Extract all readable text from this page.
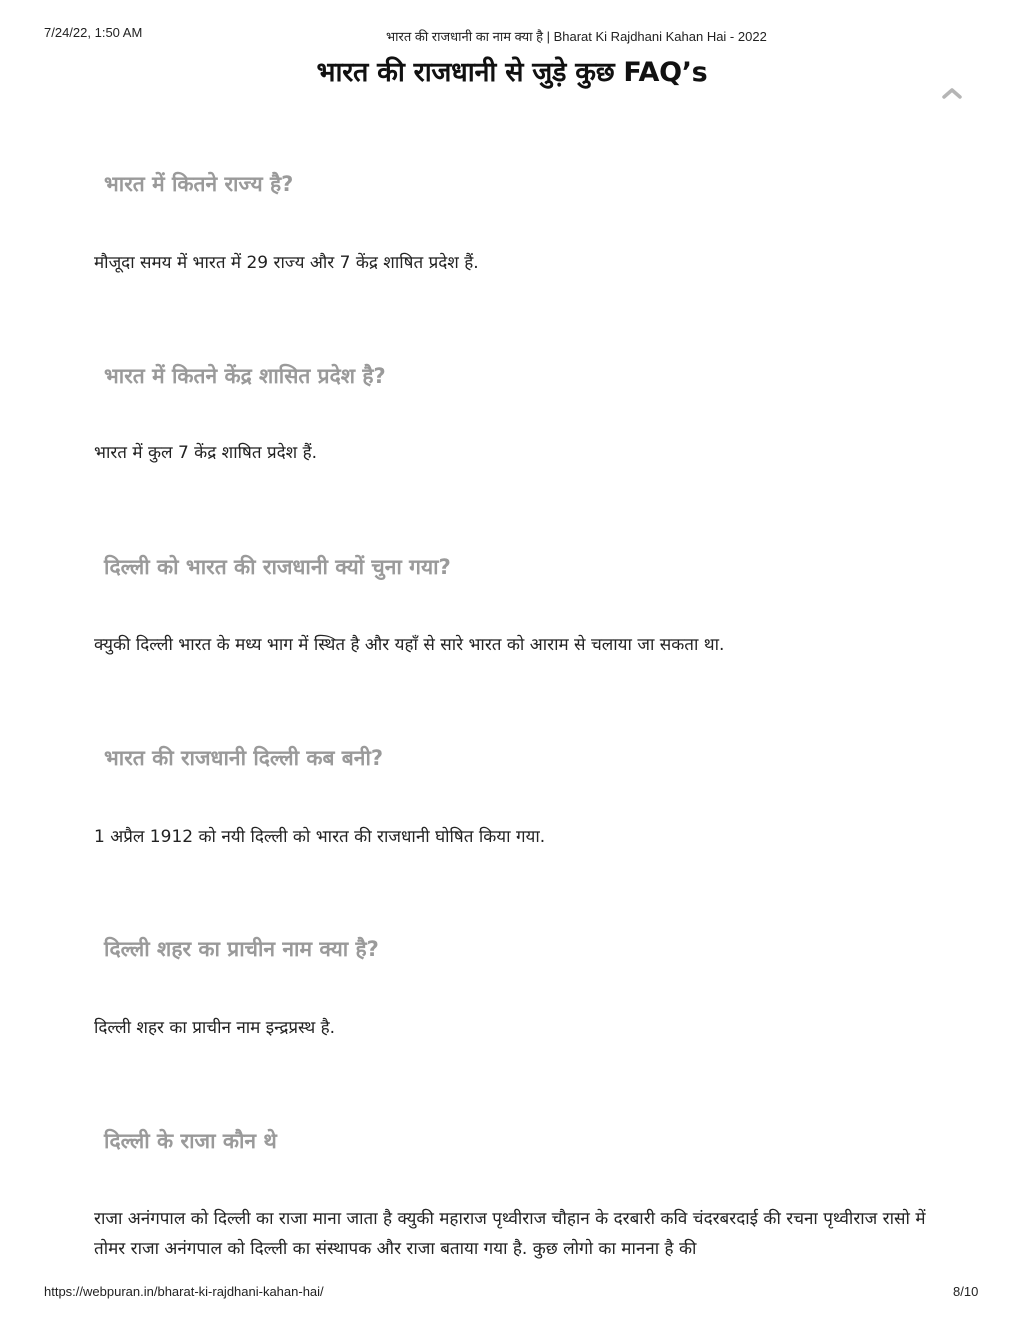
7/24/22, 1:50 AM	भारत की राजधानी का नाम क्या है | Bharat Ki Rajdhani Kahan Hai - 2022
भारत की राजधानी से जुड़े कुछ FAQ’s
भारत में कितने राज्य है?

मौजूदा समय में भारत में 29 राज्य और 7 केंद्र शाषित प्रदेश हैं.

भारत में कितने केंद्र शासित प्रदेश है?

भारत में कुल 7 केंद्र शाषित प्रदेश हैं.

दिल्ली को भारत की राजधानी क्यों चुना गया?

क्युकी दिल्ली भारत के मध्य भाग में स्थित है और यहाँ से सारे भारत को आराम से चलाया जा सकता था.

भारत की राजधानी दिल्ली कब बनी?

1 अप्रैल 1912 को नयी दिल्ली को भारत की राजधानी घोषित किया गया.

दिल्ली शहर का प्राचीन नाम क्या है?

दिल्ली शहर का प्राचीन नाम इन्द्रप्रस्थ है.

दिल्ली के राजा कौन थे

राजा अनंगपाल को दिल्ली का राजा माना जाता है क्युकी महाराज पृथ्वीराज चौहान के दरबारी कवि चंदरबरदाई की रचना पृथ्वीराज रासो में तोमर राजा अनंगपाल को दिल्ली का संस्थापक और राजा बताया गया है. कुछ लोगो का मानना है की

https://webpuran.in/bharat-ki-rajdhani-kahan-hai/	8/10
